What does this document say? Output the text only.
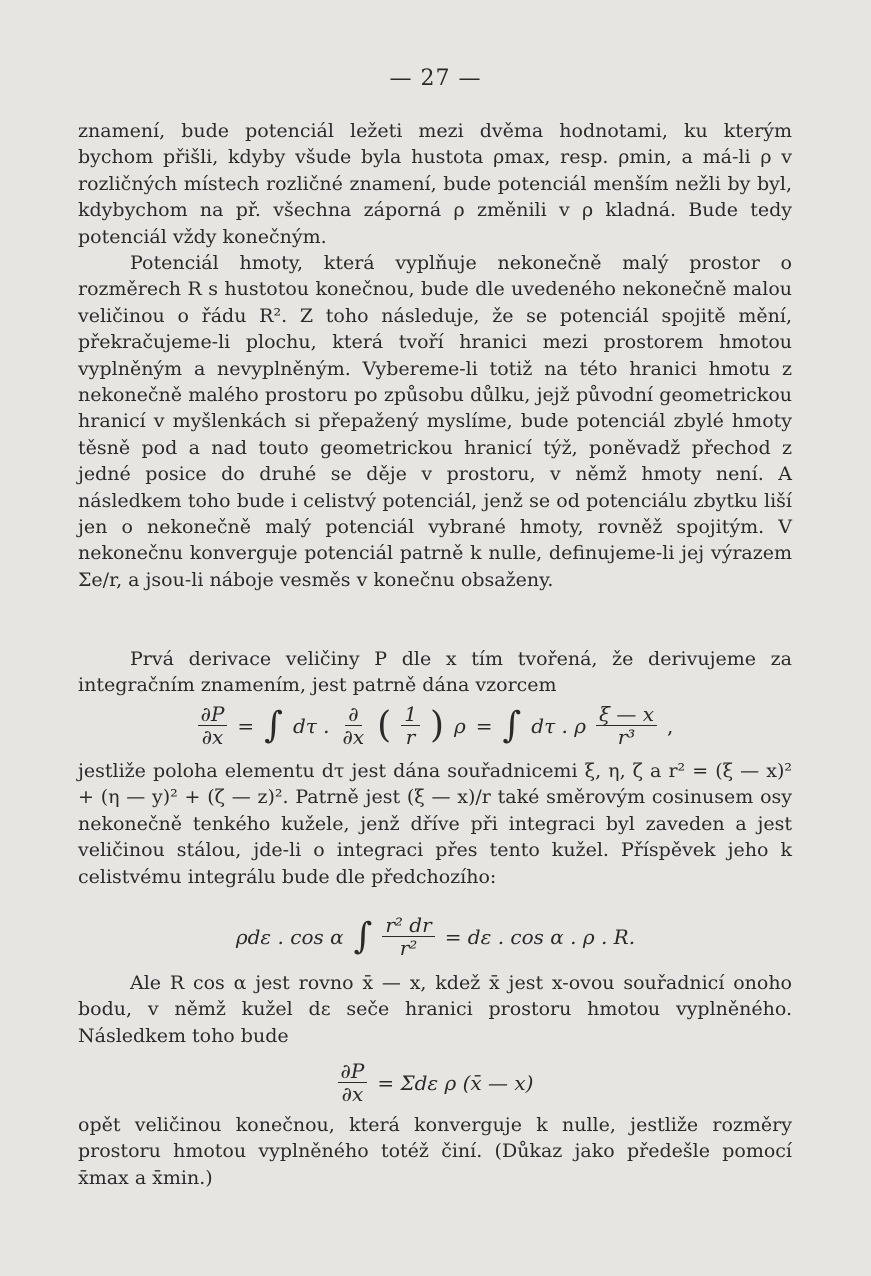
— 27 —
znamení, bude potenciál ležeti mezi dvěma hodnotami, ku kterým bychom přišli, kdyby všude byla hustota ρmax, resp. ρmin, a má-li ρ v rozličných místech rozličné znamení, bude potenciál menším nežli by byl, kdybychom na př. všechna záporná ρ změnili v ρ kladná. Bude tedy potenciál vždy konečným.
Potenciál hmoty, která vyplňuje nekonečně malý prostor o rozměrech R s hustotou konečnou, bude dle uvedeného nekonečně malou veličinou o řádu R². Z toho následuje, že se potenciál spojitě mění, překračujeme-li plochu, která tvoří hranici mezi prostorem hmotou vyplněným a nevyplněným. Vybereme-li totiž na této hranici hmotu z nekonečně malého prostoru po způsobu důlku, jejž původní geometrickou hranicí v myšlenkách si přepažený myslíme, bude potenciál zbylé hmoty těsně pod a nad touto geometrickou hranicí týž, poněvadž přechod z jedné posice do druhé se děje v prostoru, v němž hmoty není. A následkem toho bude i celistvý potenciál, jenž se od potenciálu zbytku liší jen o nekonečně malý potenciál vybrané hmoty, rovněž spojitým. V nekonečnu konverguje potenciál patrně k nulle, definujeme-li jej výrazem Σe/r, a jsou-li náboje vesměs v konečnu obsaženy.
Prvá derivace veličiny P dle x tím tvořená, že derivujeme za integračním znamením, jest patrně dána vzorcem
$\frac{\partial P}{\partial x}$ = ∫ dτ . $\frac{\partial}{\partial x}$ ( $\frac{1}{r}$ ) ρ = ∫ dτ . ρ $\frac{\xi — x}{\text{r³}}$ ,
jestliže poloha elementu dτ jest dána souřadnicemi ξ, η, ζ a r² = (ξ — x)² + (η — y)² + (ζ — z)². Patrně jest (ξ — x)/r také směrovým cosinusem osy nekonečně tenkého kužele, jenž dříve při integraci byl zaveden a jest veličinou stálou, jde-li o integraci přes tento kužel. Příspěvek jeho k celistvému integrálu bude dle předchozího:
ρdε . cos α ∫ $\frac{\text{r² dr}}{\text{r²}} = d\varepsilon$ . cos α . ρ . R.
Ale R cos α jest rovno x̄ — x, kdež x̄ jest x-ovou souřadnicí onoho bodu, v němž kužel dε seče hranici prostoru hmotou vyplněného. Následkem toho bude
$\frac{\partial P}{\partial x} = \Sigma d\varepsilon$ ρ (x̄ — x)
opět veličinou konečnou, která konverguje k nulle, jestliže rozměry prostoru hmotou vyplněného totéž činí. (Důkaz jako předešle pomocí x̄max a x̄min.)
